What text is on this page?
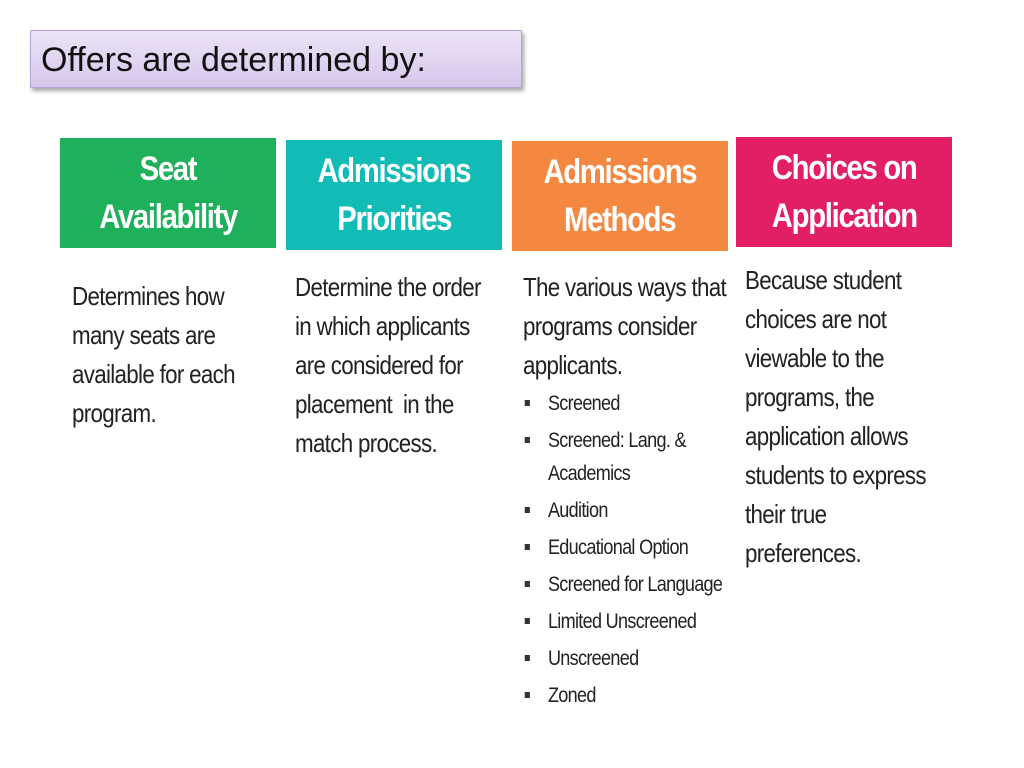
Offers are determined by:
Seat
Availability
Admissions
Priorities
Admissions
Methods
Choices on
Application
Determines how
many seats are
available for each
program.
Determine the order
in which applicants
are considered for
placement  in the
match process.
The various ways that
programs consider
applicants.
Screened
Screened: Lang. &
Academics
Audition
Educational Option
Screened for Language
Limited Unscreened
Unscreened
Zoned
Because student
choices are not
viewable to the
programs, the
application allows
students to express
their true
preferences.
